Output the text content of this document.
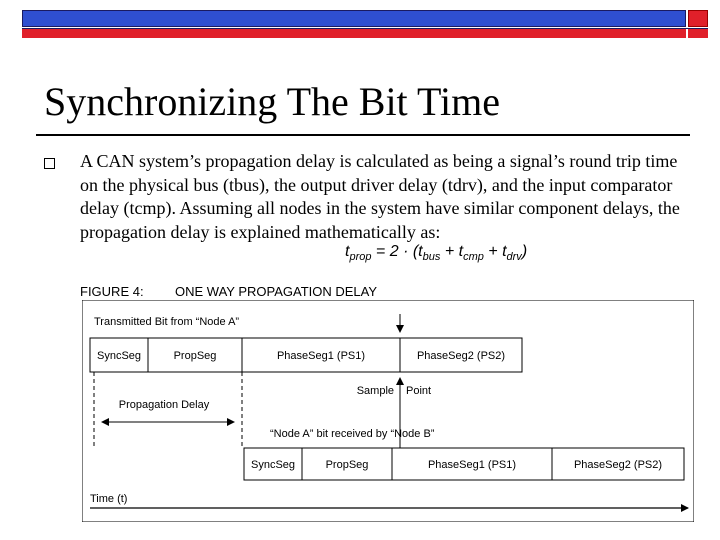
Synchronizing The Bit Time
A CAN system’s propagation delay is calculated as being a signal’s round trip time on the physical bus (tbus), the output driver delay (tdrv), and the input comparator delay (tcmp). Assuming all nodes in the system have similar component delays, the propagation delay is explained mathematically as:
$t_{prop} = 2 \cdot (t_{bus} + t_{cmp} + t_{drv})$
FIGURE 4: ONE WAY PROPAGATION DELAY
Transmitted Bit from “Node A”
SyncSeg	PropSeg	PhaseSeg1 (PS1)	PhaseSeg2 (PS2)
Propagation Delay
Sample Point
“Node A” bit received by “Node B”
SyncSeg	PropSeg	PhaseSeg1 (PS1)	PhaseSeg2 (PS2)
Time (t)
